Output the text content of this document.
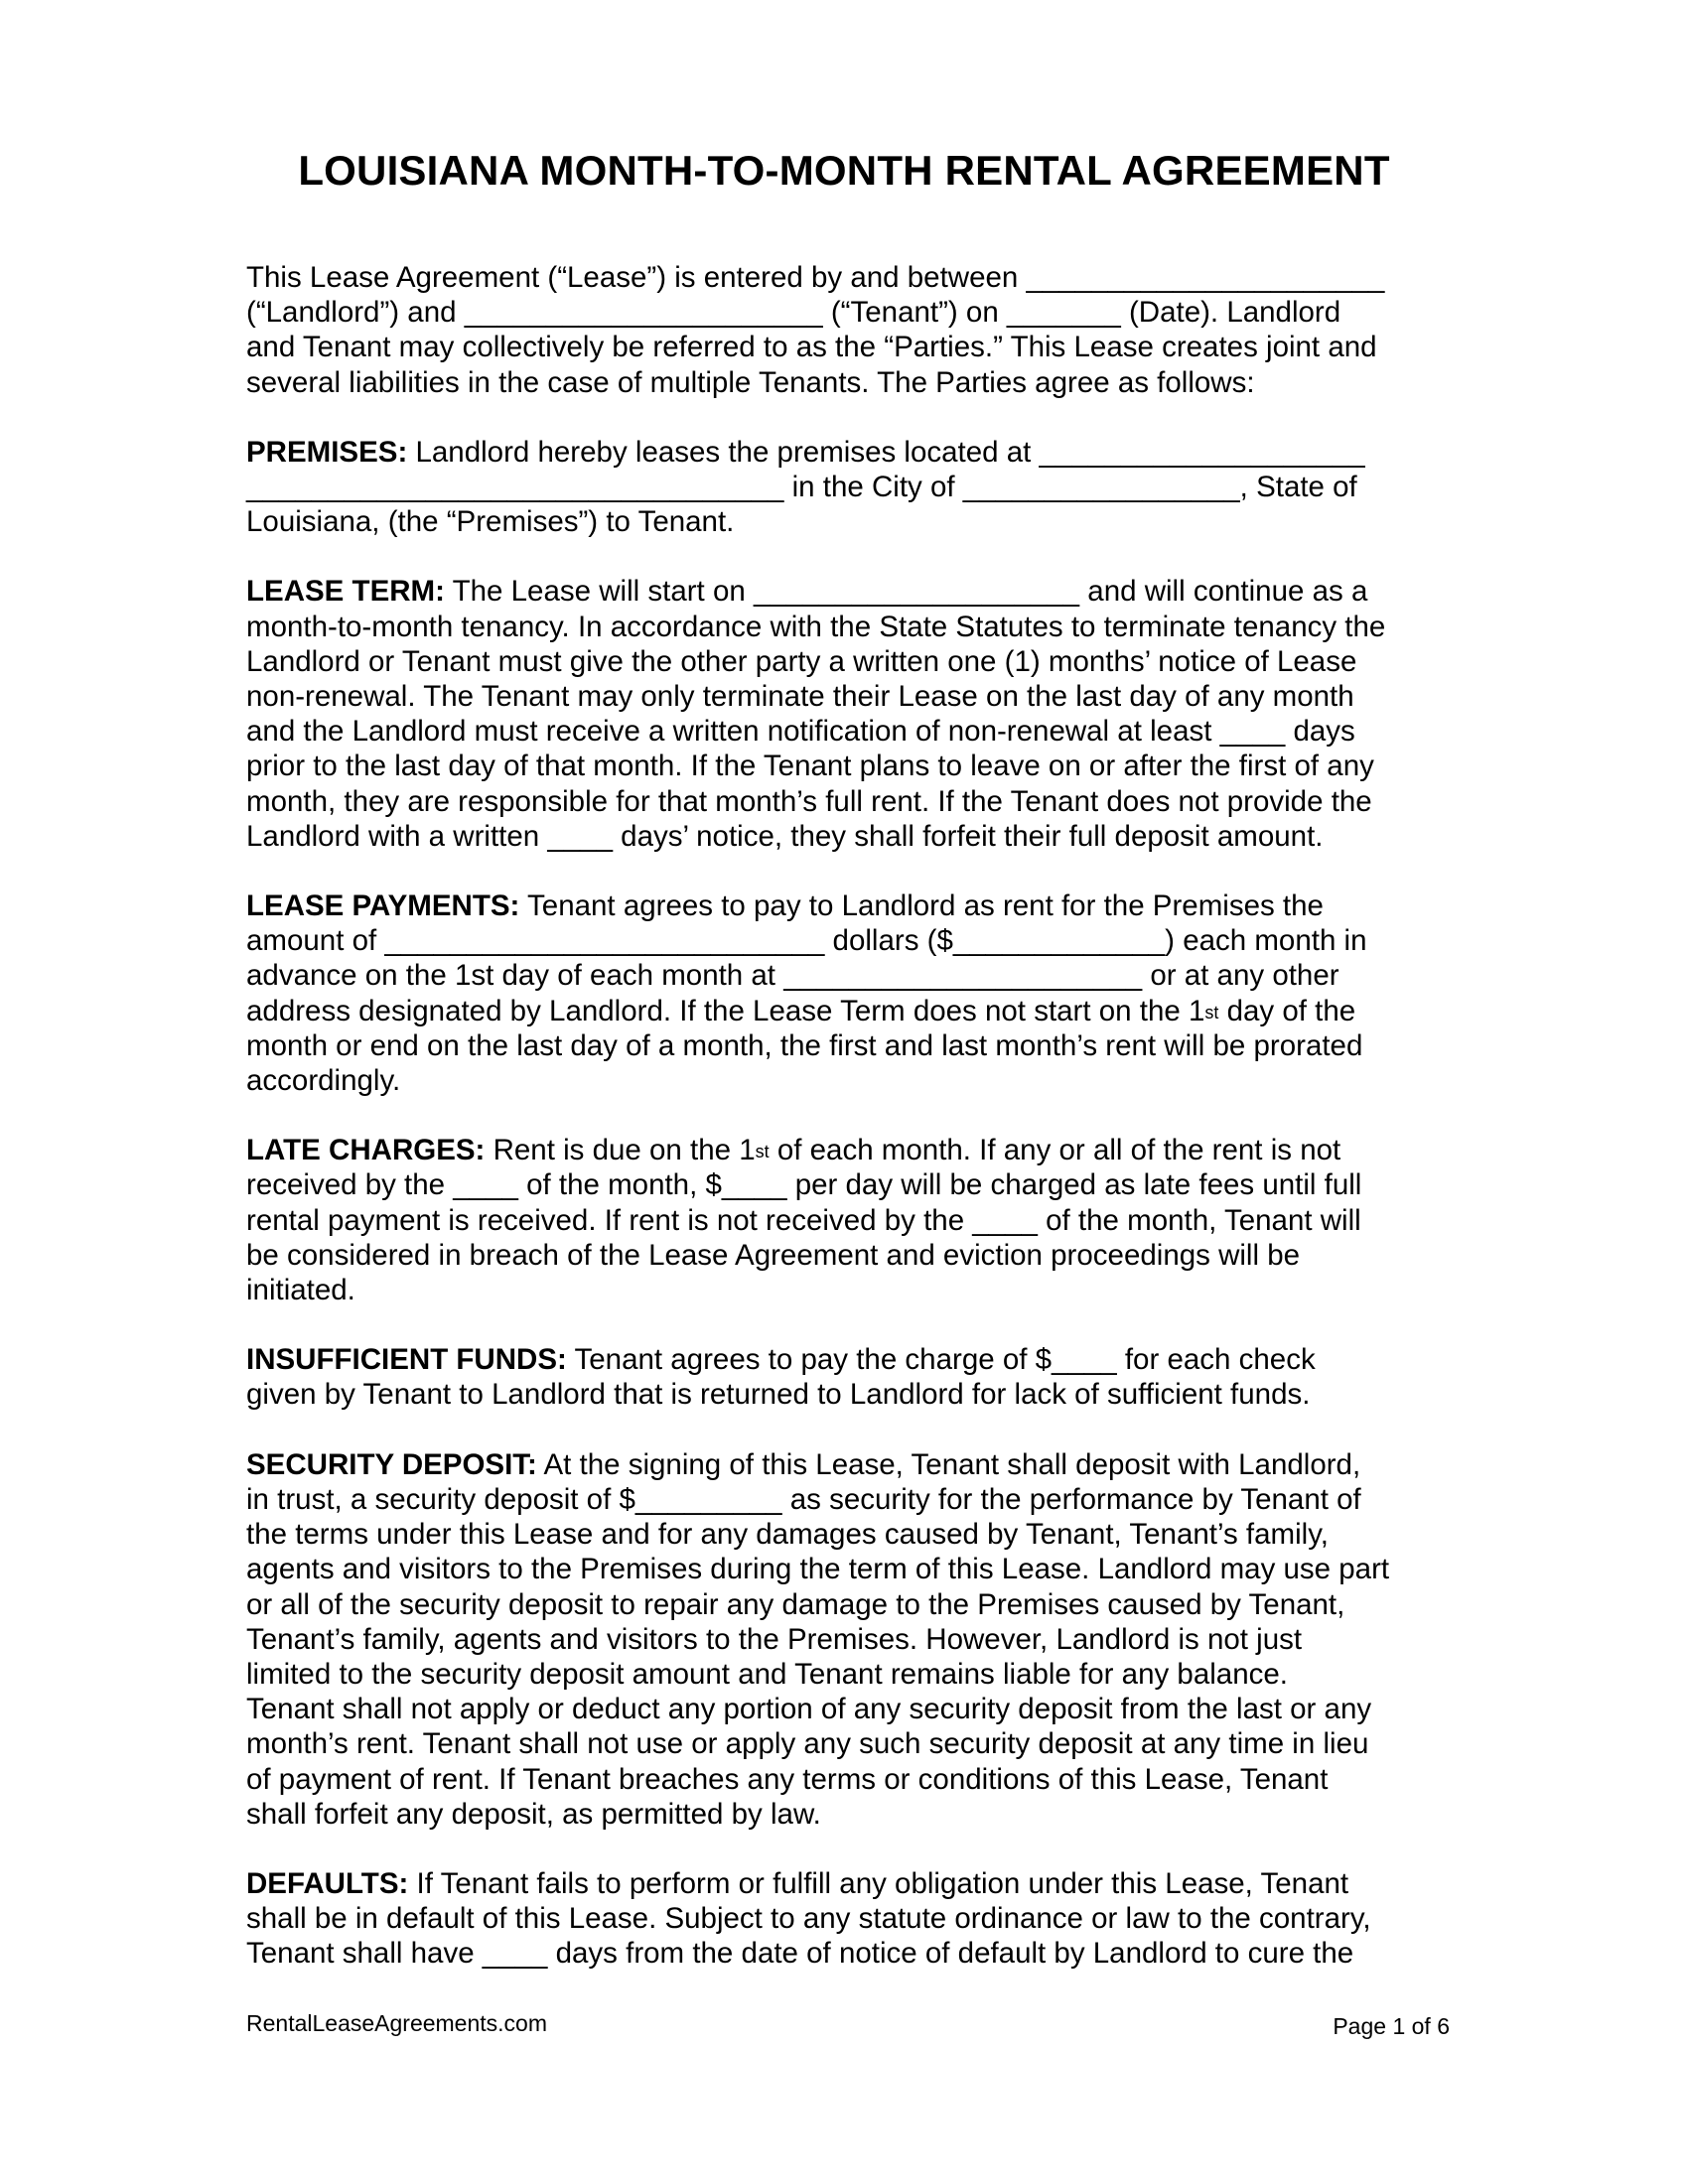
LOUISIANA MONTH-TO-MONTH RENTAL AGREEMENT
This Lease Agreement (“Lease”) is entered by and between ______________________
(“Landlord”) and ______________________ (“Tenant”) on _______ (Date). Landlord
and Tenant may collectively be referred to as the “Parties.” This Lease creates joint and
several liabilities in the case of multiple Tenants. The Parties agree as follows:
PREMISES: Landlord hereby leases the premises located at ____________________
_________________________________ in the City of _________________, State of
Louisiana, (the “Premises”) to Tenant.
LEASE TERM: The Lease will start on ____________________ and will continue as a
month-to-month tenancy. In accordance with the State Statutes to terminate tenancy the
Landlord or Tenant must give the other party a written one (1) months’ notice of Lease
non-renewal. The Tenant may only terminate their Lease on the last day of any month
and the Landlord must receive a written notification of non-renewal at least ____ days
prior to the last day of that month. If the Tenant plans to leave on or after the first of any
month, they are responsible for that month’s full rent. If the Tenant does not provide the
Landlord with a written ____ days’ notice, they shall forfeit their full deposit amount.
LEASE PAYMENTS: Tenant agrees to pay to Landlord as rent for the Premises the
amount of ___________________________ dollars ($_____________) each month in
advance on the 1st day of each month at ______________________ or at any other
address designated by Landlord. If the Lease Term does not start on the 1st day of the
month or end on the last day of a month, the first and last month’s rent will be prorated
accordingly.
LATE CHARGES: Rent is due on the 1st of each month. If any or all of the rent is not
received by the ____ of the month, $____ per day will be charged as late fees until full
rental payment is received. If rent is not received by the ____ of the month, Tenant will
be considered in breach of the Lease Agreement and eviction proceedings will be
initiated.
INSUFFICIENT FUNDS: Tenant agrees to pay the charge of $____ for each check
given by Tenant to Landlord that is returned to Landlord for lack of sufficient funds.
SECURITY DEPOSIT: At the signing of this Lease, Tenant shall deposit with Landlord,
in trust, a security deposit of $_________ as security for the performance by Tenant of
the terms under this Lease and for any damages caused by Tenant, Tenant’s family,
agents and visitors to the Premises during the term of this Lease. Landlord may use part
or all of the security deposit to repair any damage to the Premises caused by Tenant,
Tenant’s family, agents and visitors to the Premises. However, Landlord is not just
limited to the security deposit amount and Tenant remains liable for any balance.
Tenant shall not apply or deduct any portion of any security deposit from the last or any
month’s rent. Tenant shall not use or apply any such security deposit at any time in lieu
of payment of rent. If Tenant breaches any terms or conditions of this Lease, Tenant
shall forfeit any deposit, as permitted by law.
DEFAULTS: If Tenant fails to perform or fulfill any obligation under this Lease, Tenant
shall be in default of this Lease. Subject to any statute ordinance or law to the contrary,
Tenant shall have ____ days from the date of notice of default by Landlord to cure the
RentalLeaseAgreements.com	Page 1 of 6
